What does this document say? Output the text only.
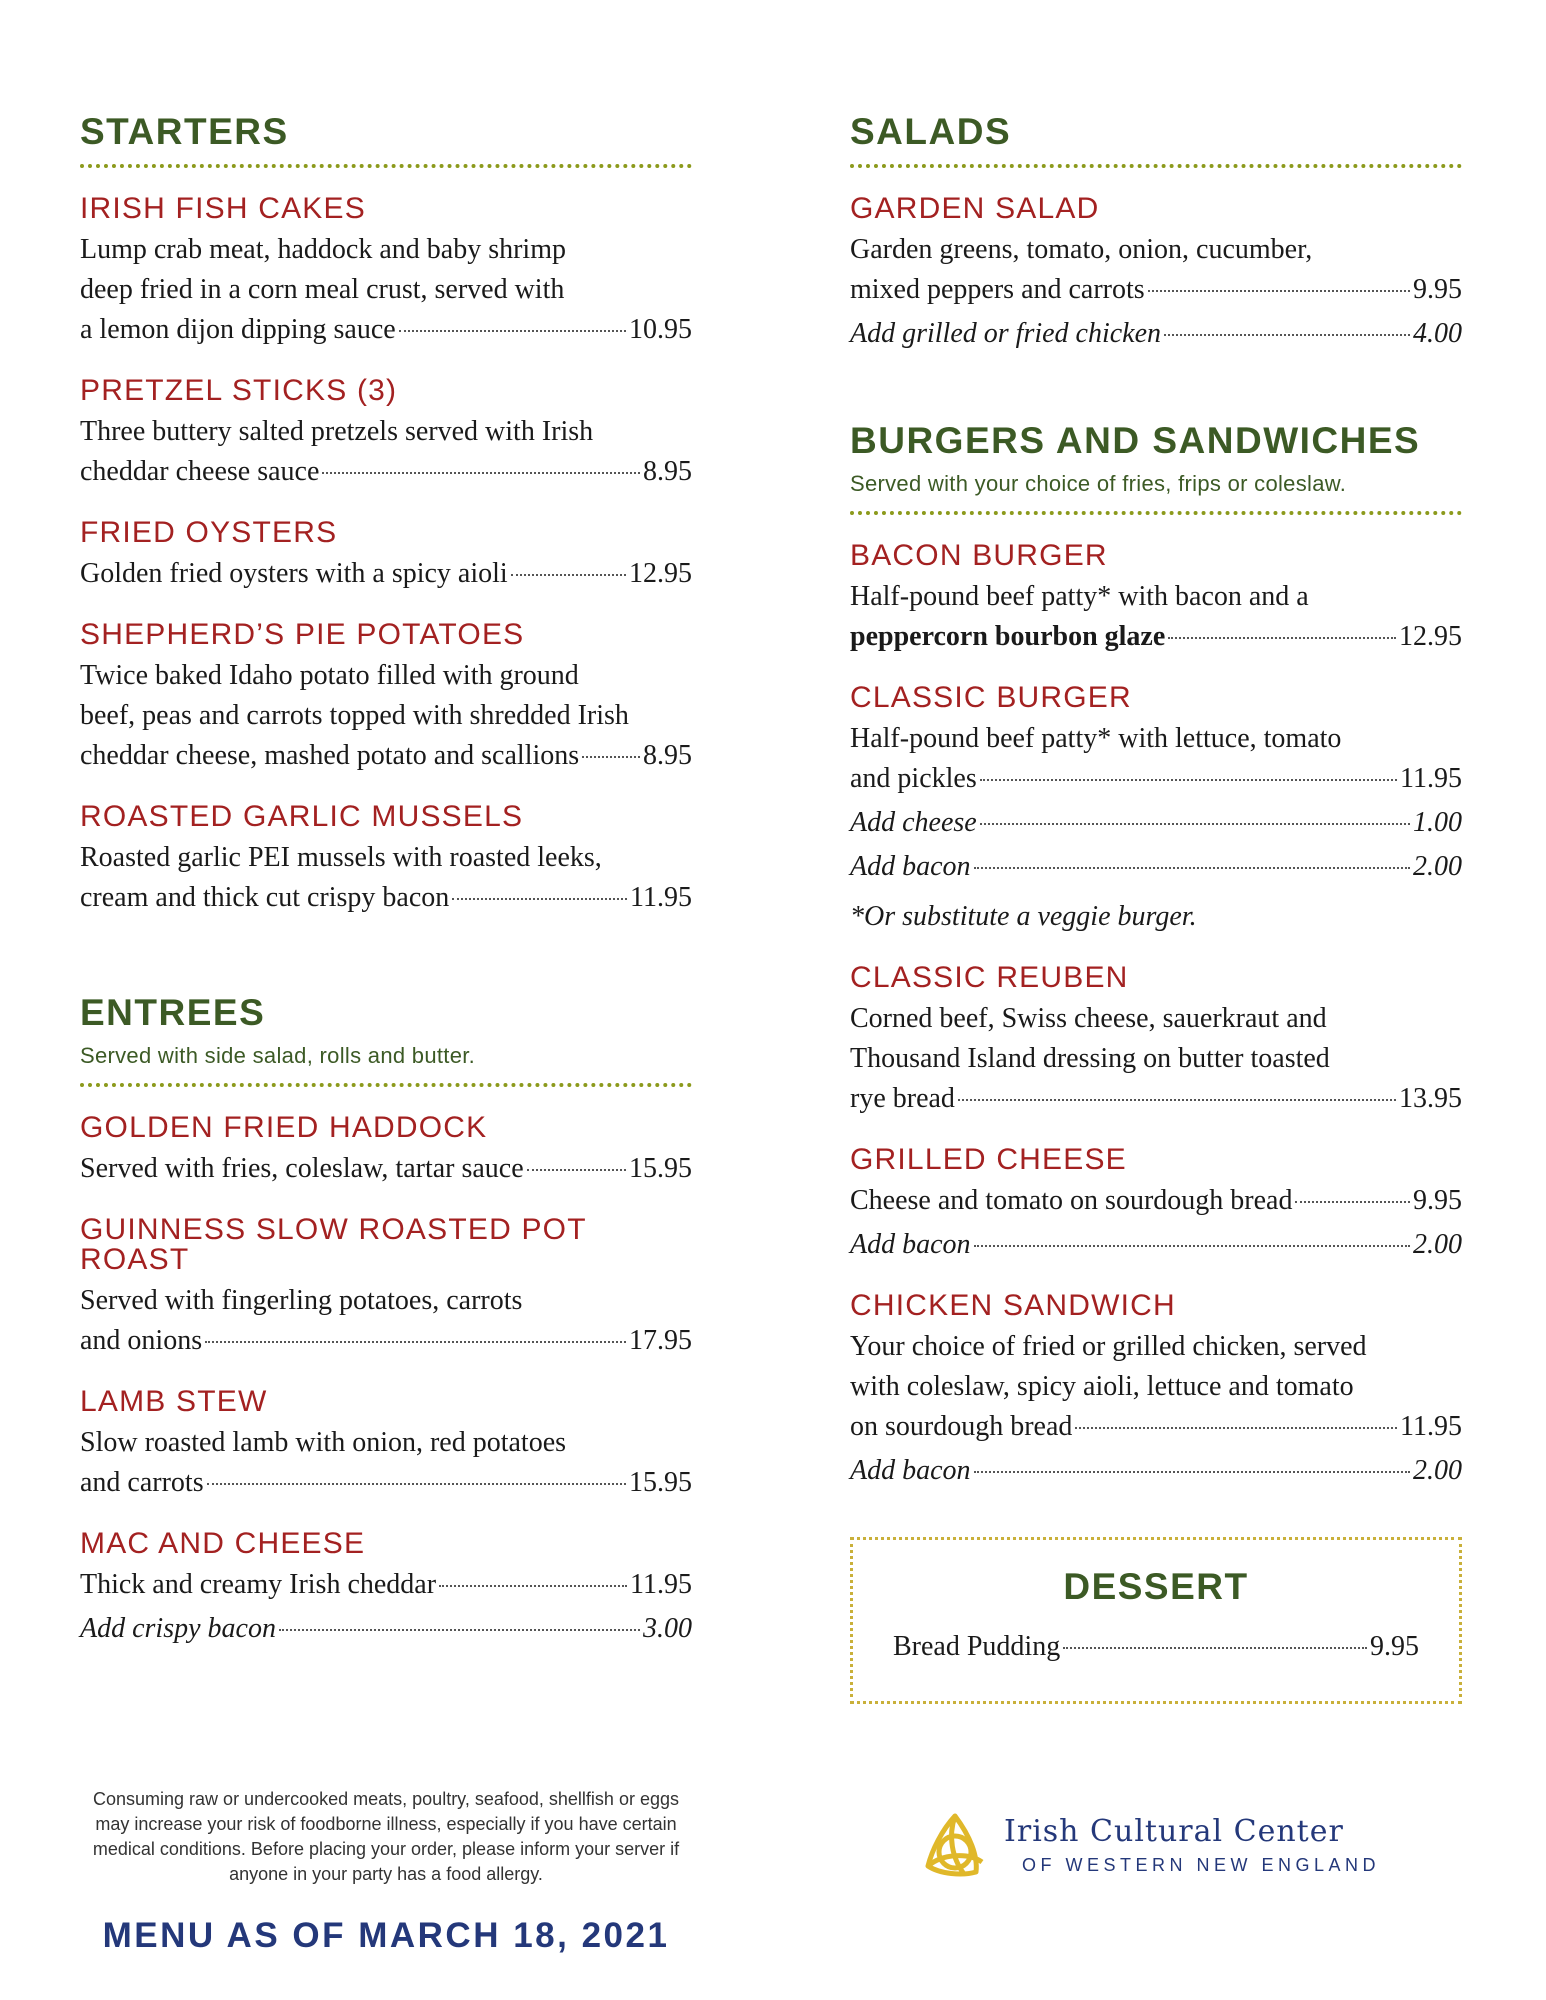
STARTERS
IRISH FISH CAKES
Lump crab meat, haddock and baby shrimp
deep fried in a corn meal crust, served with
a lemon dijon dipping sauce	10.95
PRETZEL STICKS (3)
Three buttery salted pretzels served with Irish
cheddar cheese sauce	8.95
FRIED OYSTERS
Golden fried oysters with a spicy aioli	12.95
SHEPHERD’S PIE POTATOES
Twice baked Idaho potato filled with ground
beef, peas and carrots topped with shredded Irish
cheddar cheese, mashed potato and scallions 8.95
ROASTED GARLIC MUSSELS
Roasted garlic PEI mussels with roasted leeks,
cream and thick cut crispy bacon	11.95
ENTREES
Served with side salad, rolls and butter.
GOLDEN FRIED HADDOCK
Served with fries, coleslaw, tartar sauce	15.95
GUINNESS SLOW ROASTED POT ROAST
Served with fingerling potatoes, carrots
and onions	17.95
LAMB STEW
Slow roasted lamb with onion, red potatoes
and carrots	15.95
MAC AND CHEESE
Thick and creamy Irish cheddar	11.95
Add crispy bacon	3.00
SALADS
GARDEN SALAD
Garden greens, tomato, onion, cucumber,
mixed peppers and carrots	9.95
Add grilled or fried chicken	4.00
BURGERS AND SANDWICHES
Served with your choice of fries, frips or coleslaw.
BACON BURGER
Half-pound beef patty* with bacon and a
peppercorn bourbon glaze	12.95
CLASSIC BURGER
Half-pound beef patty* with lettuce, tomato
and pickles	11.95
Add cheese	1.00
Add bacon	2.00
*Or substitute a veggie burger.
CLASSIC REUBEN
Corned beef, Swiss cheese, sauerkraut and
Thousand Island dressing on butter toasted
rye bread	13.95
GRILLED CHEESE
Cheese and tomato on sourdough bread	9.95
Add bacon	2.00
CHICKEN SANDWICH
Your choice of fried or grilled chicken, served
with coleslaw, spicy aioli, lettuce and tomato
on sourdough bread	11.95
Add bacon	2.00
DESSERT
Bread Pudding	9.95
Consuming raw or undercooked meats, poultry, seafood, shellfish or eggs may increase your risk of foodborne illness, especially if you have certain medical conditions. Before placing your order, please inform your server if anyone in your party has a food allergy.
MENU AS OF MARCH 18, 2021
Irish Cultural Center
OF WESTERN NEW ENGLAND
